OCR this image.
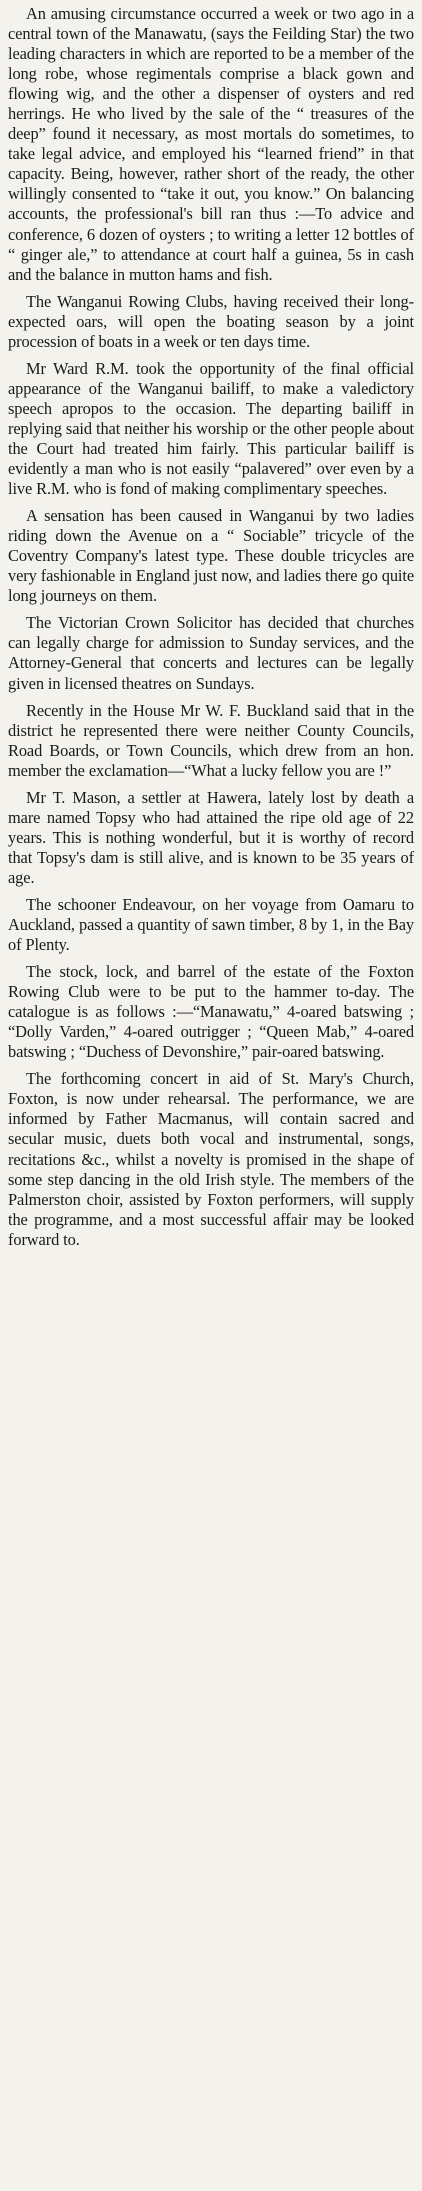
An amusing circumstance occurred a week or two ago in a central town of the Manawatu, (says the Feilding Star) the two leading characters in which are reported to be a member of the long robe, whose regimentals comprise a black gown and flowing wig, and the other a dispenser of oysters and red herrings. He who lived by the sale of the “ treasures of the deep” found it necessary, as most mortals do sometimes, to take legal advice, and employed his “learned friend” in that capacity. Being, however, rather short of the ready, the other willingly consented to “take it out, you know.” On balancing accounts, the professional's bill ran thus :—To advice and conference, 6 dozen of oysters ; to writing a letter 12 bottles of “ ginger ale,” to attendance at court half a guinea, 5s in cash and the balance in mutton hams and fish.

The Wanganui Rowing Clubs, having received their long-expected oars, will open the boating season by a joint procession of boats in a week or ten days time.

Mr Ward R.M. took the opportunity of the final official appearance of the Wanganui bailiff, to make a valedictory speech apropos to the occasion. The departing bailiff in replying said that neither his worship or the other people about the Court had treated him fairly. This particular bailiff is evidently a man who is not easily “palavered” over even by a live R.M. who is fond of making complimentary speeches.

A sensation has been caused in Wanganui by two ladies riding down the Avenue on a “ Sociable” tricycle of the Coventry Company's latest type. These double tricycles are very fashionable in England just now, and ladies there go quite long journeys on them.

The Victorian Crown Solicitor has decided that churches can legally charge for admission to Sunday services, and the Attorney-General that concerts and lectures can be legally given in licensed theatres on Sundays.

Recently in the House Mr W. F. Buckland said that in the district he represented there were neither County Councils, Road Boards, or Town Councils, which drew from an hon. member the exclamation—“What a lucky fellow you are !”

Mr T. Mason, a settler at Hawera, lately lost by death a mare named Topsy who had attained the ripe old age of 22 years. This is nothing wonderful, but it is worthy of record that Topsy's dam is still alive, and is known to be 35 years of age.

The schooner Endeavour, on her voyage from Oamaru to Auckland, passed a quantity of sawn timber, 8 by 1, in the Bay of Plenty.

The stock, lock, and barrel of the estate of the Foxton Rowing Club were to be put to the hammer to-day. The catalogue is as follows :—“Manawatu,” 4-oared batswing ; “Dolly Varden,” 4-oared outrigger ; “Queen Mab,” 4-oared batswing ; “Duchess of Devonshire,” pair-oared batswing.

The forthcoming concert in aid of St. Mary's Church, Foxton, is now under rehearsal. The performance, we are informed by Father Macmanus, will contain sacred and secular music, duets both vocal and instrumental, songs, recitations &c., whilst a novelty is promised in the shape of some step dancing in the old Irish style. The members of the Palmerston choir, assisted by Foxton performers, will supply the programme, and a most successful affair may be looked forward to.
